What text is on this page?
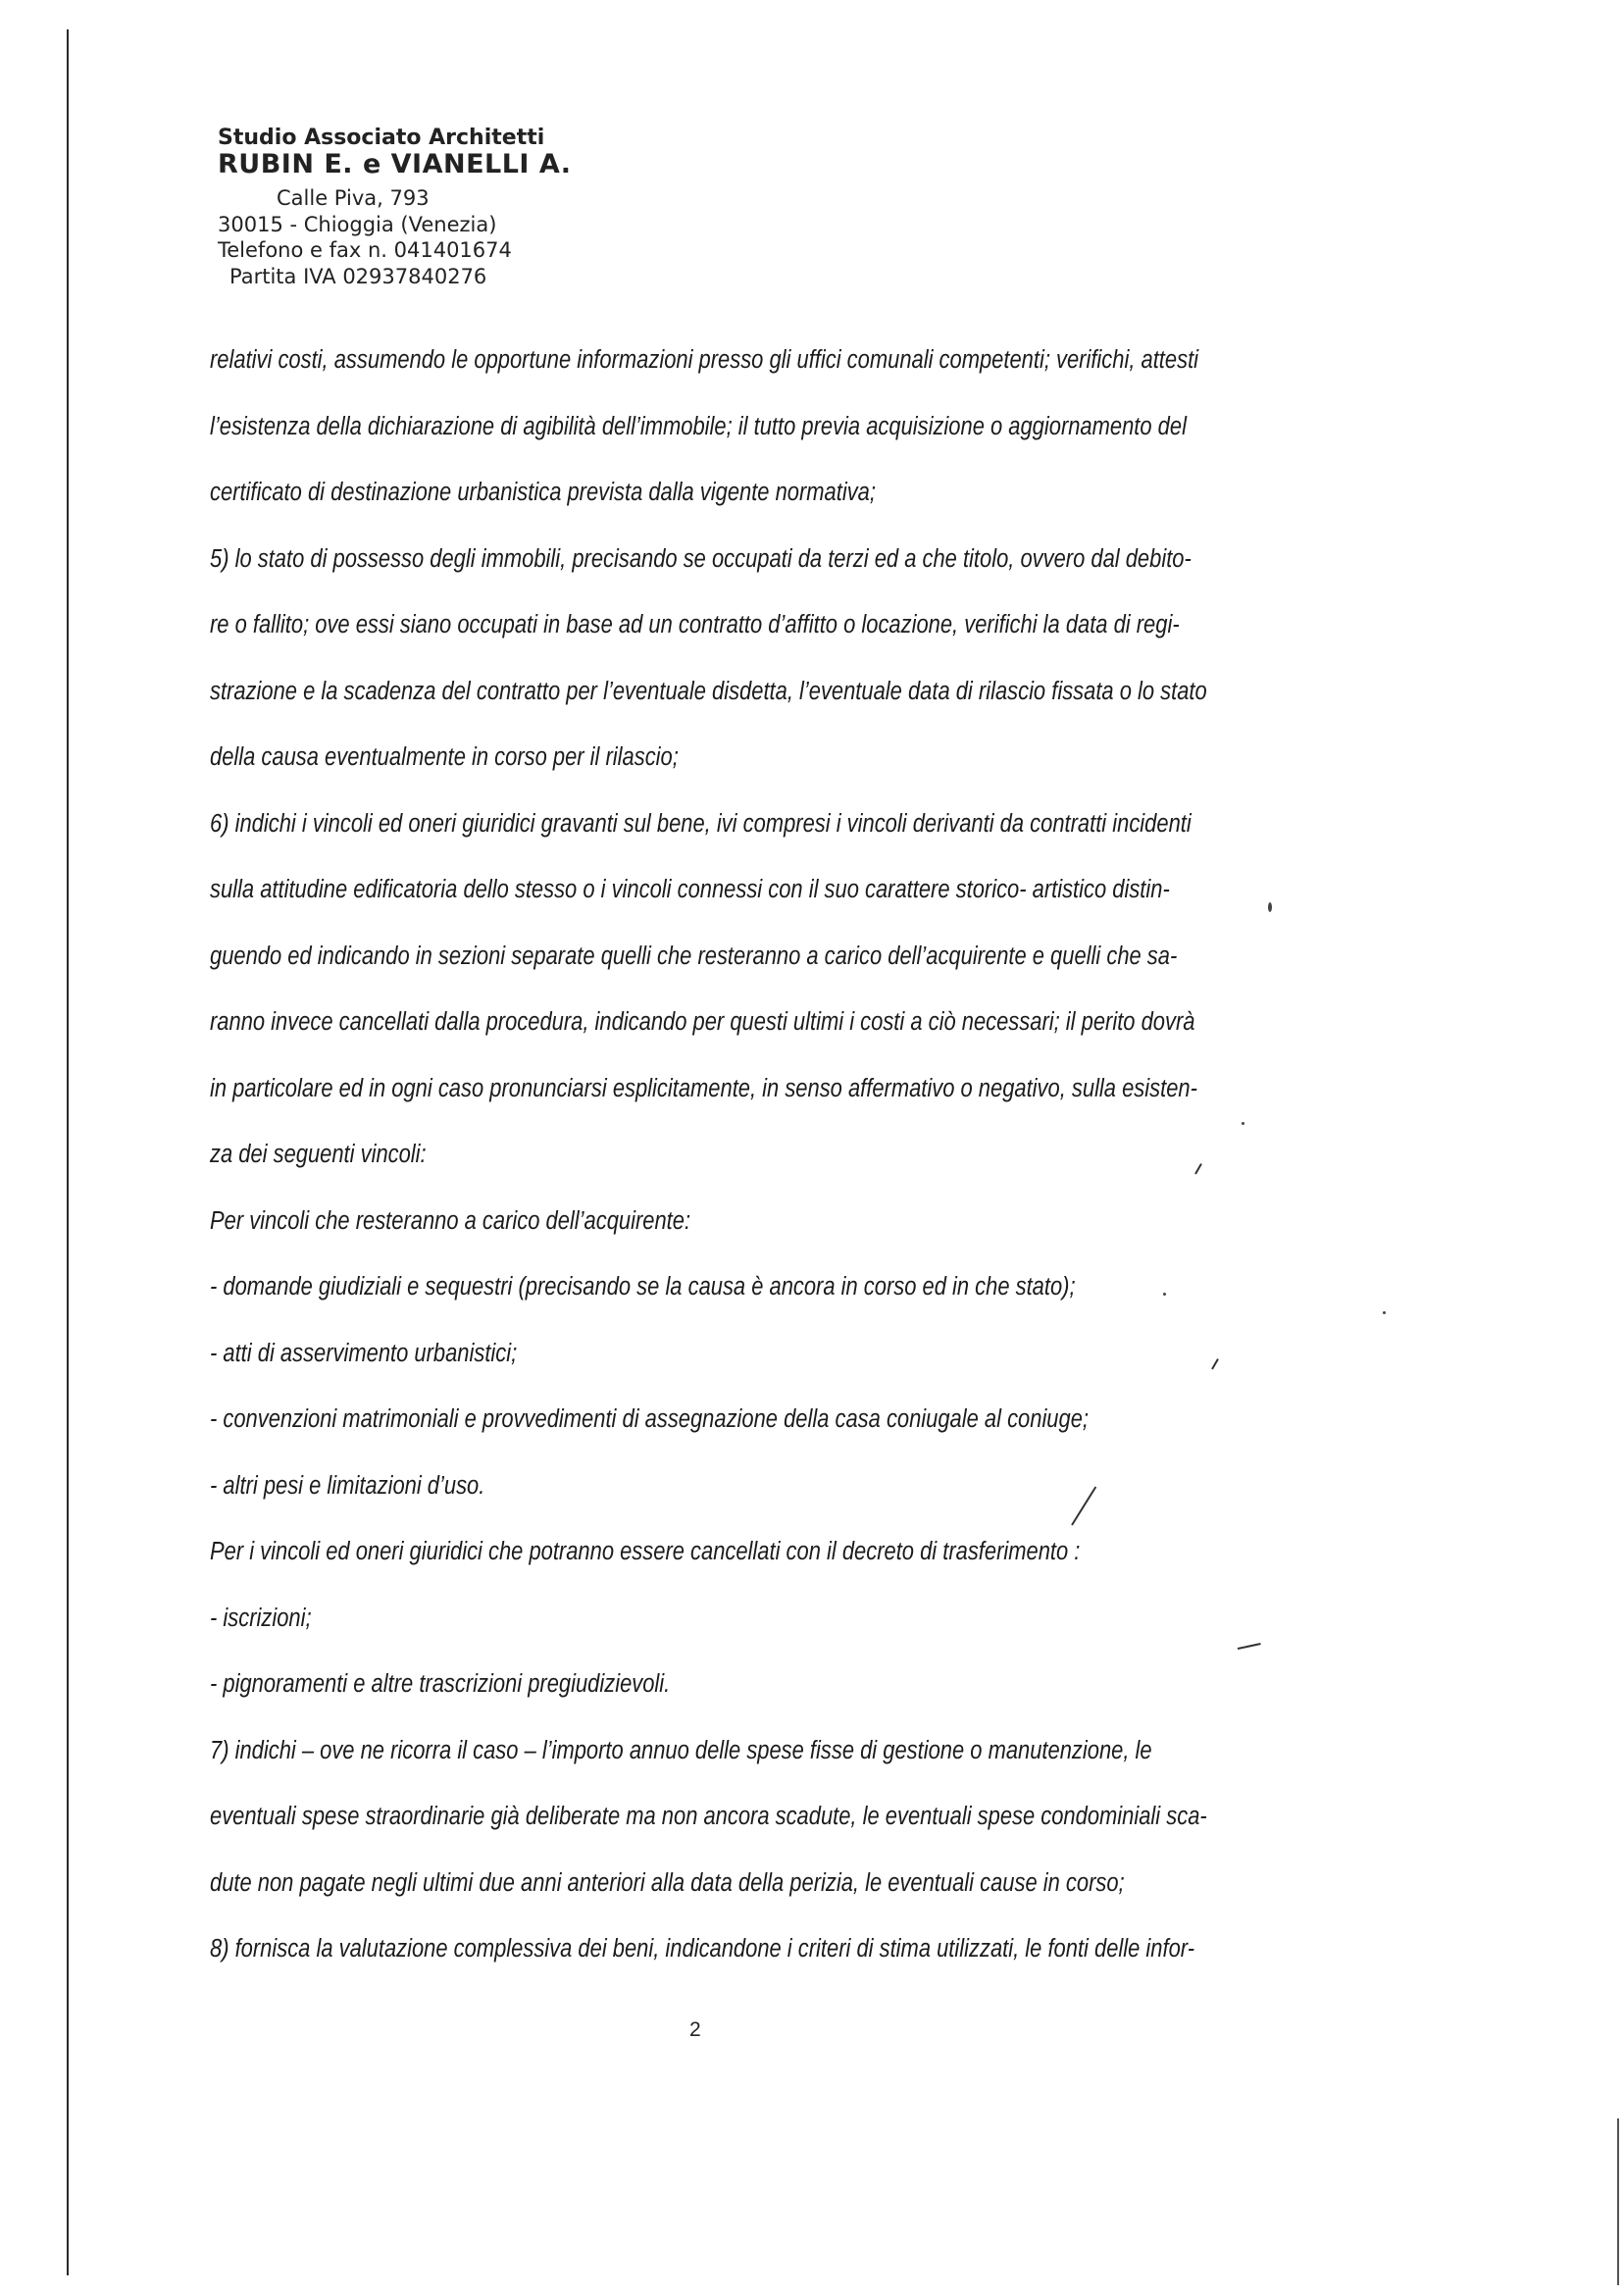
Studio Associato Architetti
RUBIN E. e VIANELLI A.
Calle Piva, 793
30015 - Chioggia (Venezia)
Telefono e fax n. 041401674
Partita IVA 02937840276
relativi costi, assumendo le opportune informazioni presso gli uffici comunali competenti; verifichi, attesti
l’esistenza della dichiarazione di agibilità dell’immobile; il tutto previa acquisizione o aggiornamento del
certificato di destinazione urbanistica prevista dalla vigente normativa;
5) lo stato di possesso degli immobili, precisando se occupati da terzi ed a che titolo, ovvero dal debito-
re o fallito; ove essi siano occupati in base ad un contratto d’affitto o locazione, verifichi la data di regi-
strazione e la scadenza del contratto per l’eventuale disdetta, l’eventuale data di rilascio fissata o lo stato
della causa eventualmente in corso per il rilascio;
6) indichi i vincoli ed oneri giuridici gravanti sul bene, ivi compresi i vincoli derivanti da contratti incidenti
sulla attitudine edificatoria dello stesso o i vincoli connessi con il suo carattere storico- artistico distin-
guendo ed indicando in sezioni separate quelli che resteranno a carico dell’acquirente e quelli che sa-
ranno invece cancellati dalla procedura, indicando per questi ultimi i costi a ciò necessari; il perito dovrà
in particolare ed in ogni caso pronunciarsi esplicitamente, in senso affermativo o negativo, sulla esisten-
za dei seguenti vincoli:
Per vincoli che resteranno a carico dell’acquirente:
- domande giudiziali e sequestri (precisando se la causa è ancora in corso ed in che stato);
- atti di asservimento urbanistici;
- convenzioni matrimoniali e provvedimenti di assegnazione della casa coniugale al coniuge;
- altri pesi e limitazioni d’uso.
Per i vincoli ed oneri giuridici che potranno essere cancellati con il decreto di trasferimento :
- iscrizioni;
- pignoramenti e altre trascrizioni pregiudizievoli.
7) indichi – ove ne ricorra il caso – l’importo annuo delle spese fisse di gestione o manutenzione, le
eventuali spese straordinarie già deliberate ma non ancora scadute, le eventuali spese condominiali sca-
dute non pagate negli ultimi due anni anteriori alla data della perizia, le eventuali cause in corso;
8) fornisca la valutazione complessiva dei beni, indicandone i criteri di stima utilizzati, le fonti delle infor-
2
